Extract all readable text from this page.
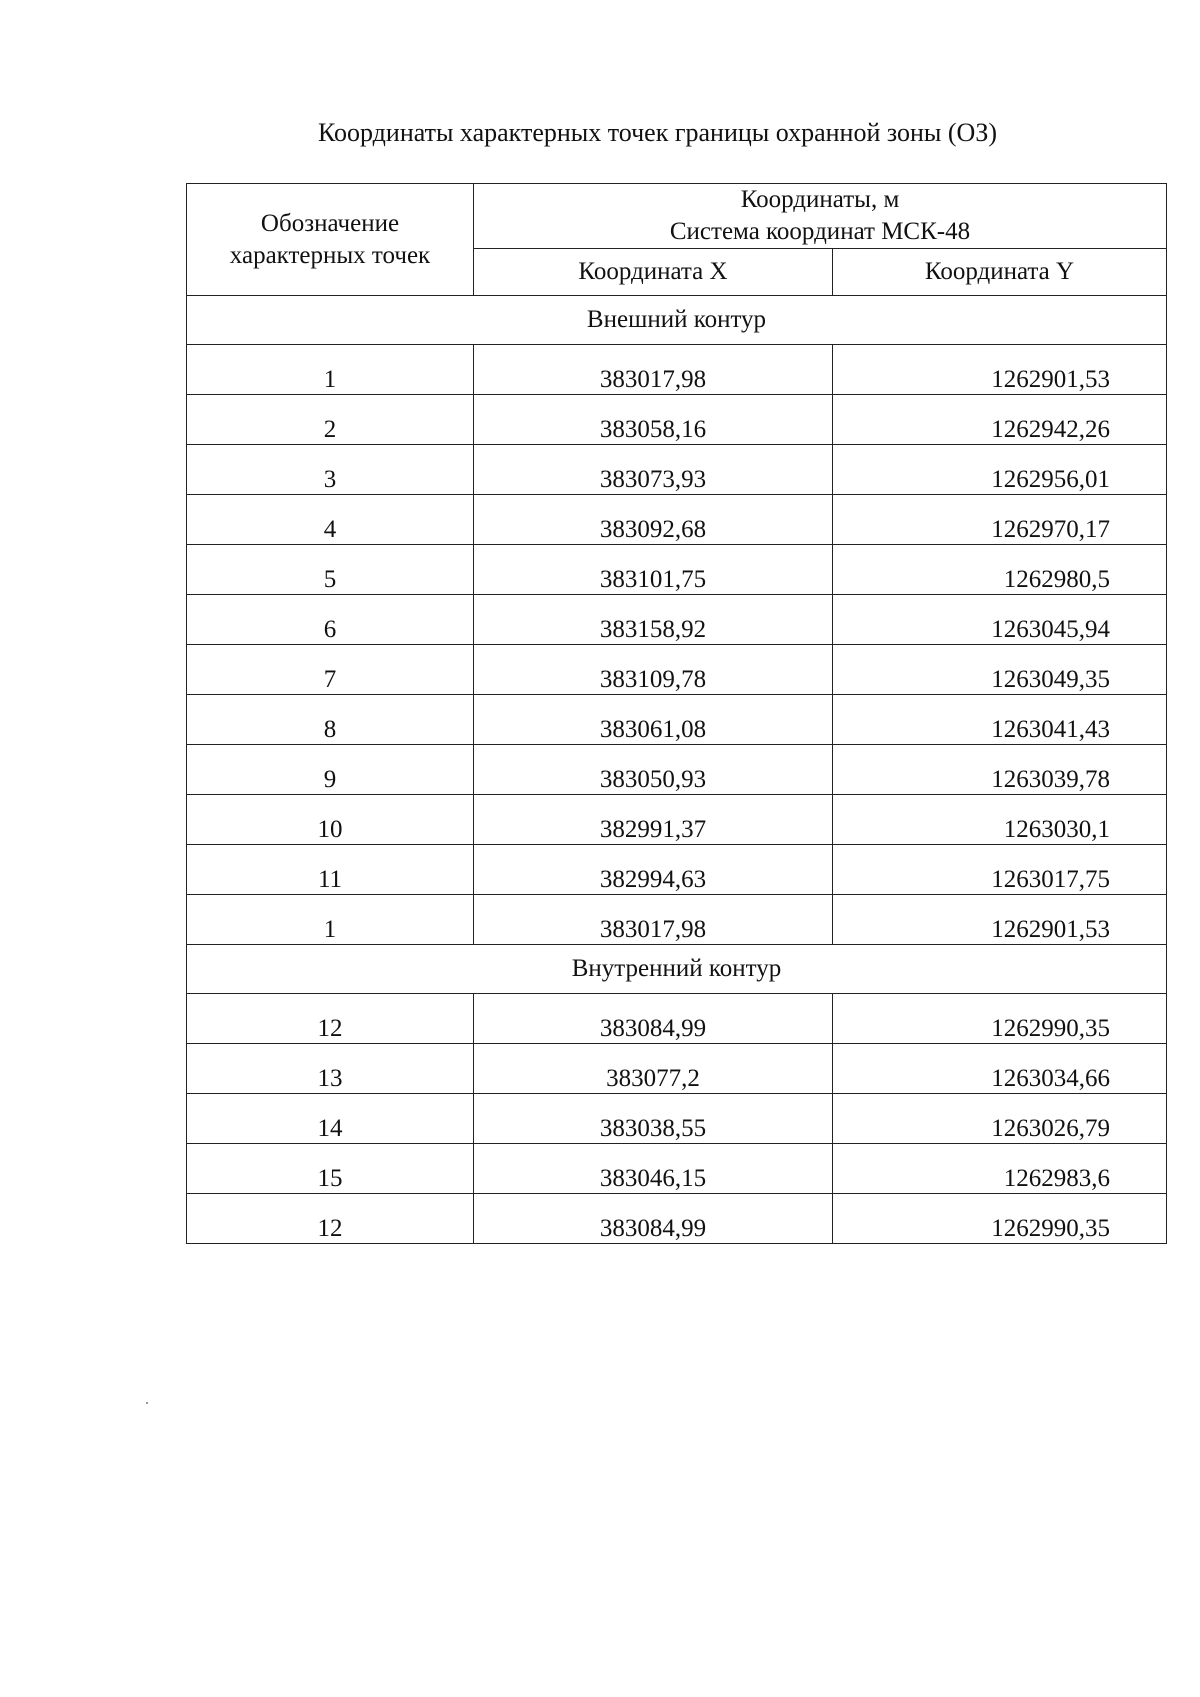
Координаты характерных точек границы охранной зоны (ОЗ)
Обозначение
характерных точек	Координаты, м
Система координат МСК-48	

	Координата X	Координата Y
Внешний контур		
1	383017,98	1262901,53
2	383058,16	1262942,26
3	383073,93	1262956,01
4	383092,68	1262970,17
5	383101,75	1262980,5
6	383158,92	1263045,94
7	383109,78	1263049,35
8	383061,08	1263041,43
9	383050,93	1263039,78
10	382991,37	1263030,1
11	382994,63	1263017,75
1	383017,98	1262901,53
Внутренний контур		
12	383084,99	1262990,35
13	383077,2	1263034,66
14	383038,55	1263026,79
15	383046,15	1262983,6
12	383084,99	1262990,35
